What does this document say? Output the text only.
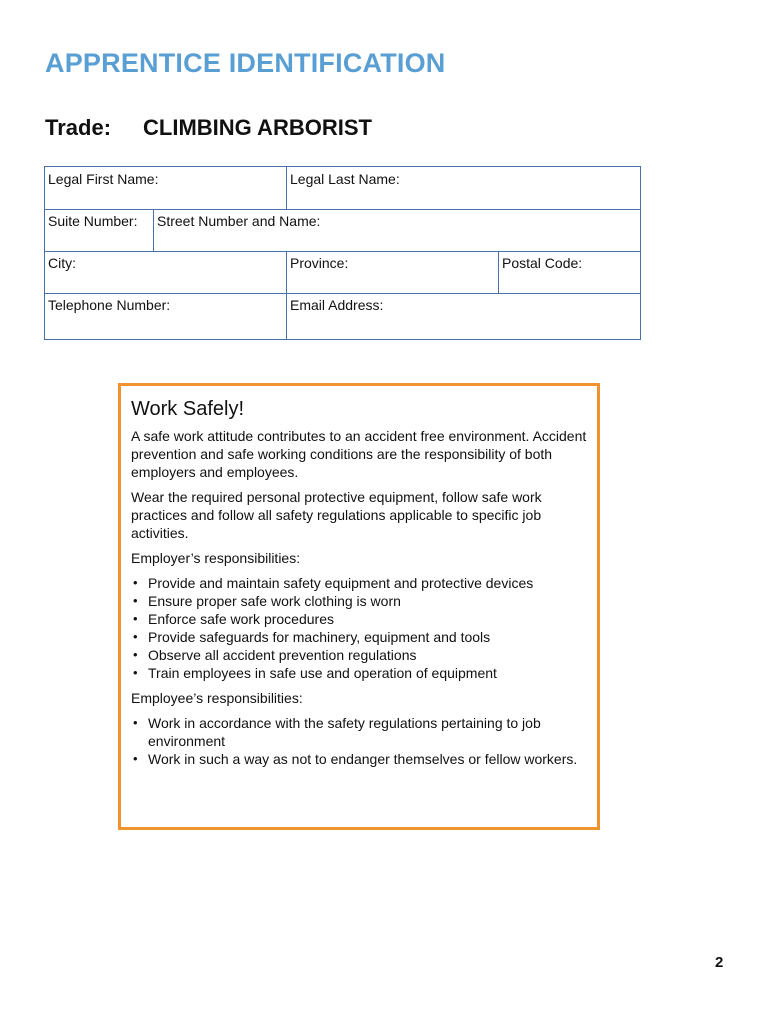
APPRENTICE IDENTIFICATION
Trade: CLIMBING ARBORIST
Legal First Name:	Legal Last Name:
Suite Number:	Street Number and Name:
City:	Province:	Postal Code:
Telephone Number:	Email Address:
Work Safely!

A safe work attitude contributes to an accident free environment. Accident prevention and safe working conditions are the responsibility of both employers and employees.

Wear the required personal protective equipment, follow safe work practices and follow all safety regulations applicable to specific job activities.

Employer’s responsibilities:

• Provide and maintain safety equipment and protective devices
• Ensure proper safe work clothing is worn
• Enforce safe work procedures
• Provide safeguards for machinery, equipment and tools
• Observe all accident prevention regulations
• Train employees in safe use and operation of equipment

Employee’s responsibilities:

• Work in accordance with the safety regulations pertaining to job environment
• Work in such a way as not to endanger themselves or fellow workers.
2
